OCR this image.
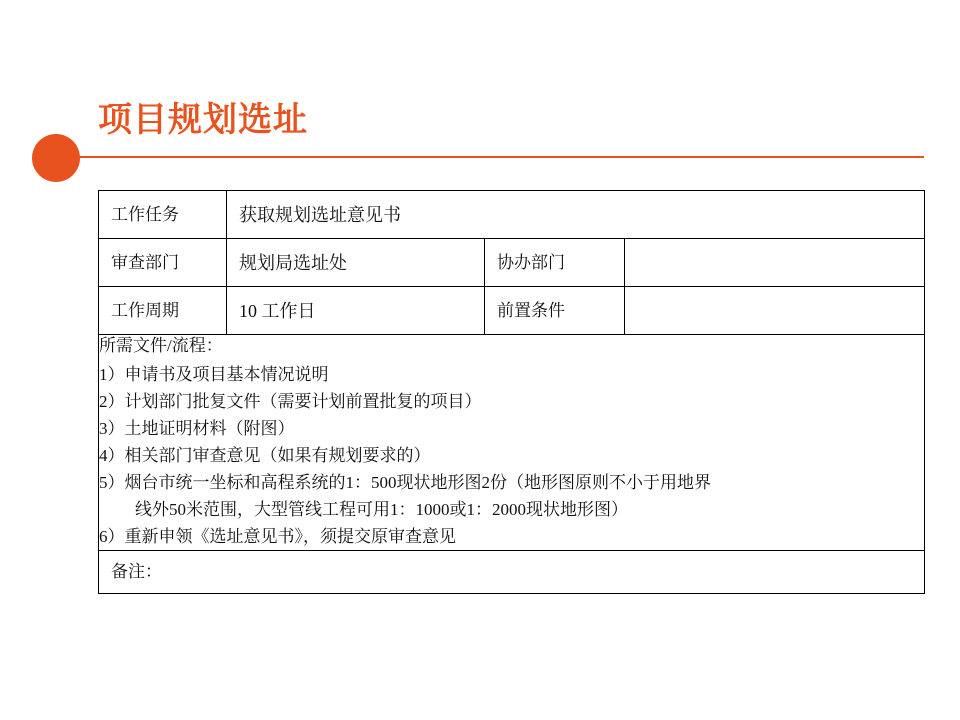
项目规划选址
工作任务	获取规划选址意见书		

审查部门	规划局选址处	协办部门	

工作周期	10 工作日	前置条件	

所需文件/流程：
1）申请书及项目基本情况说明
2）计划部门批复文件（需要计划前置批复的项目）
3）土地证明材料（附图）
4）相关部门审查意见（如果有规划要求的）
5）烟台市统一坐标和高程系统的1：500现状地形图2份（地形图原则不小于用地界
线外50米范围，大型管线工程可用1：1000或1：2000现状地形图）
6）重新申领《选址意见书》，须提交原审查意见

备注：			
